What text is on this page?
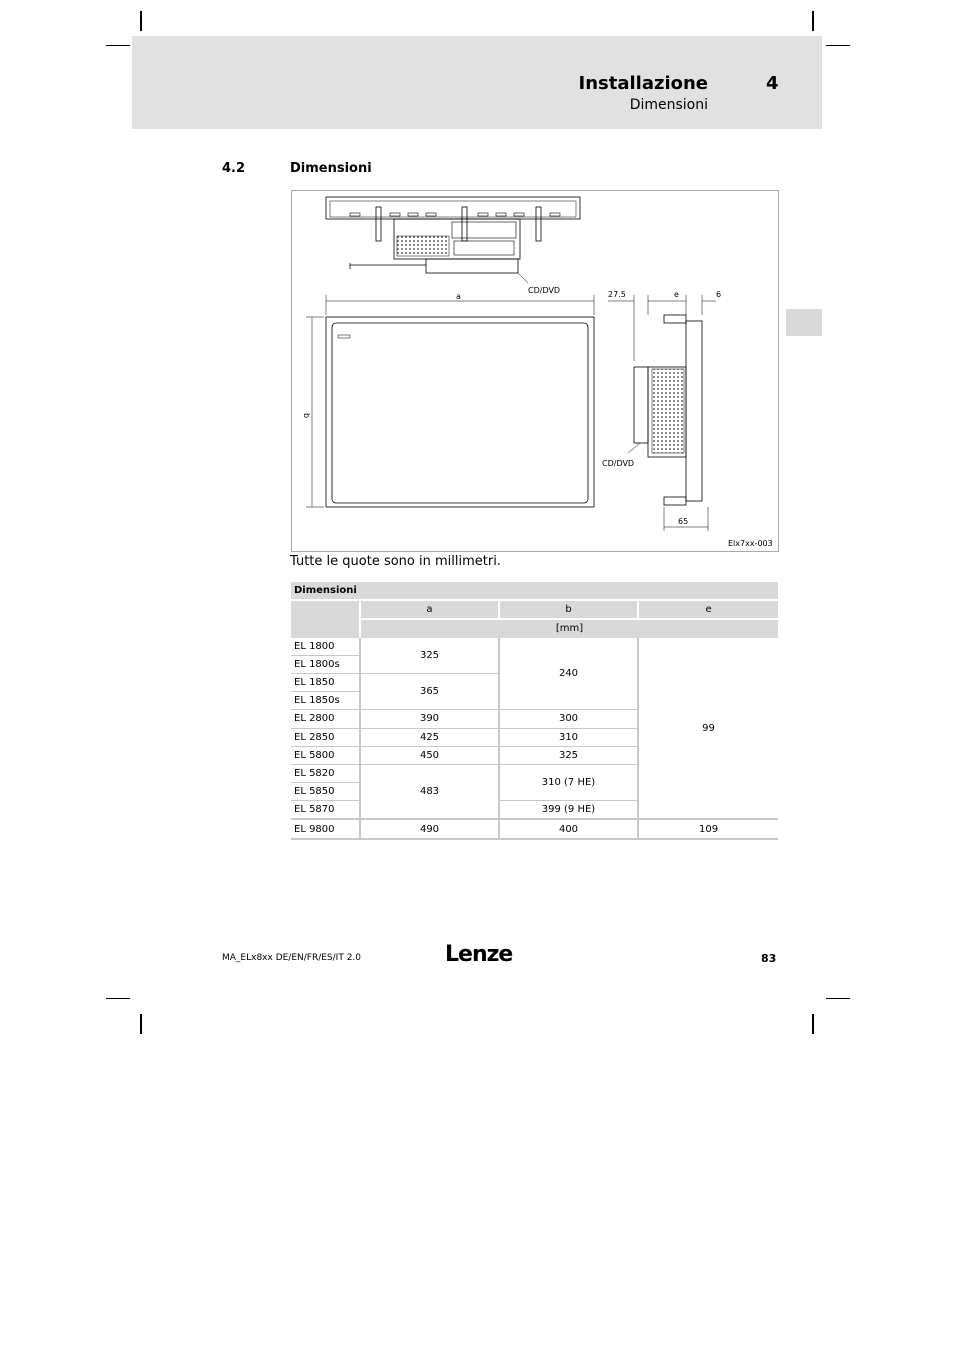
Installazione	4
Dimensioni
4.2	Dimensioni
CD/DVD
a
b
27.5	e	6
CD/DVD
65
Elx7xx-003
Tutte le quote sono in millimetri.
Dimensioni			
	a	b	e
	[mm]		
EL 1800	325	240	99
EL 1800s			
EL 1850	365		
EL 1850s			
EL 2800	390	300	
EL 2850	425	310	
EL 5800	450	325	
EL 5820	483	310 (7 HE)	
EL 5850			
EL 5870		399 (9 HE)	
EL 9800	490	400	109
MA_ELx8xx DE/EN/FR/ES/IT 2.0	Lenze	83
